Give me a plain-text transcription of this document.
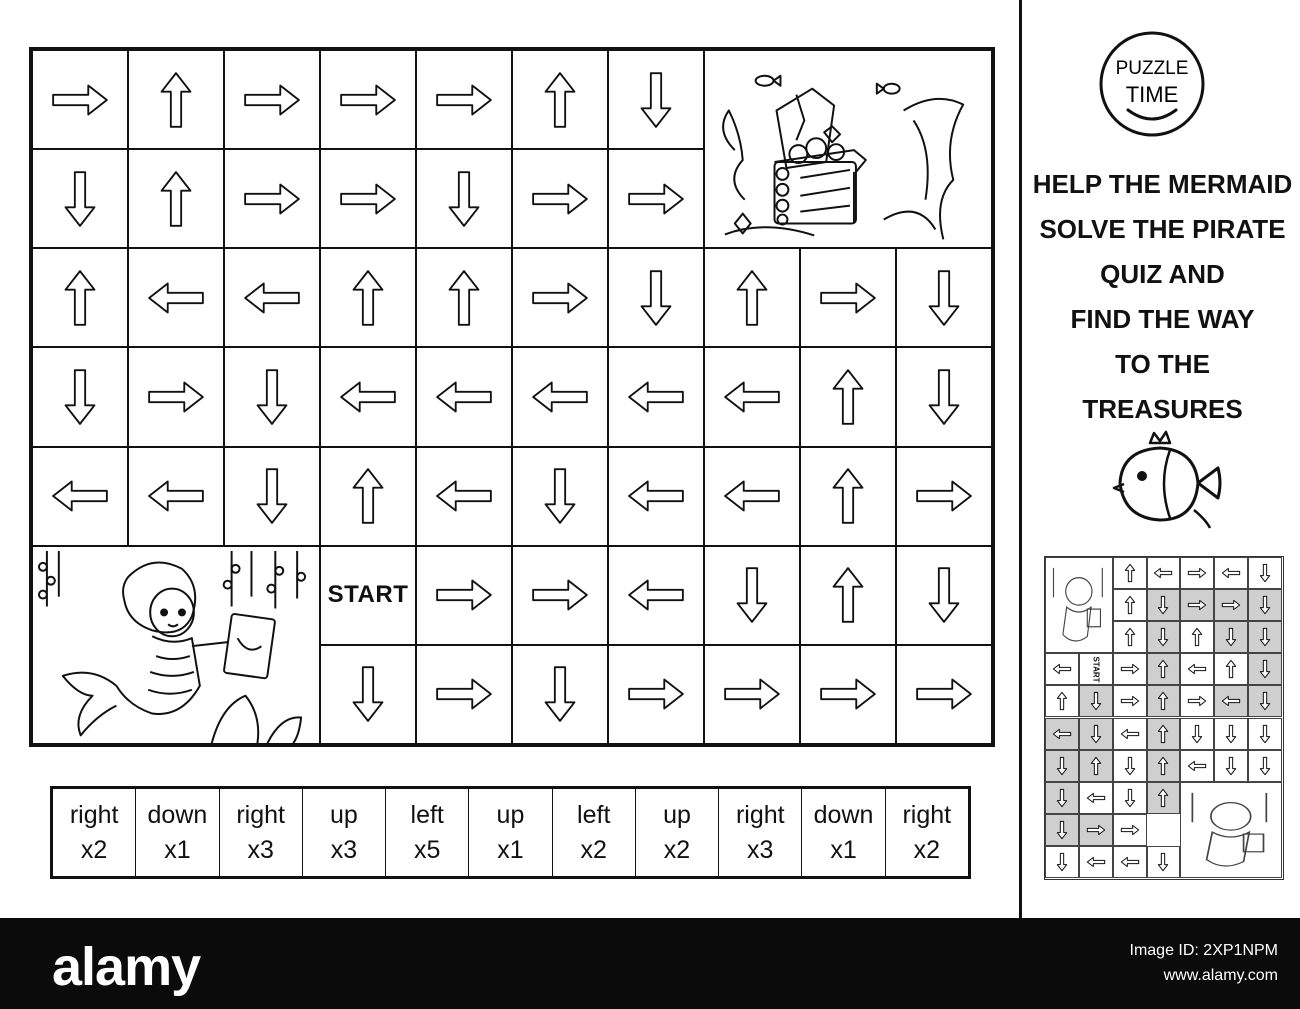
START
right
x2
down
x1
right
x3
up
x3
left
x5
up
x1
left
x2
up
x2
right
x3
down
x1
right
x2
PUZZLE
TIME
HELP THE MERMAID
SOLVE THE PIRATE
QUIZ AND
FIND THE WAY
TO THE
TREASURES
START
alamy	Image ID: 2XP1NPM
www.alamy.com
